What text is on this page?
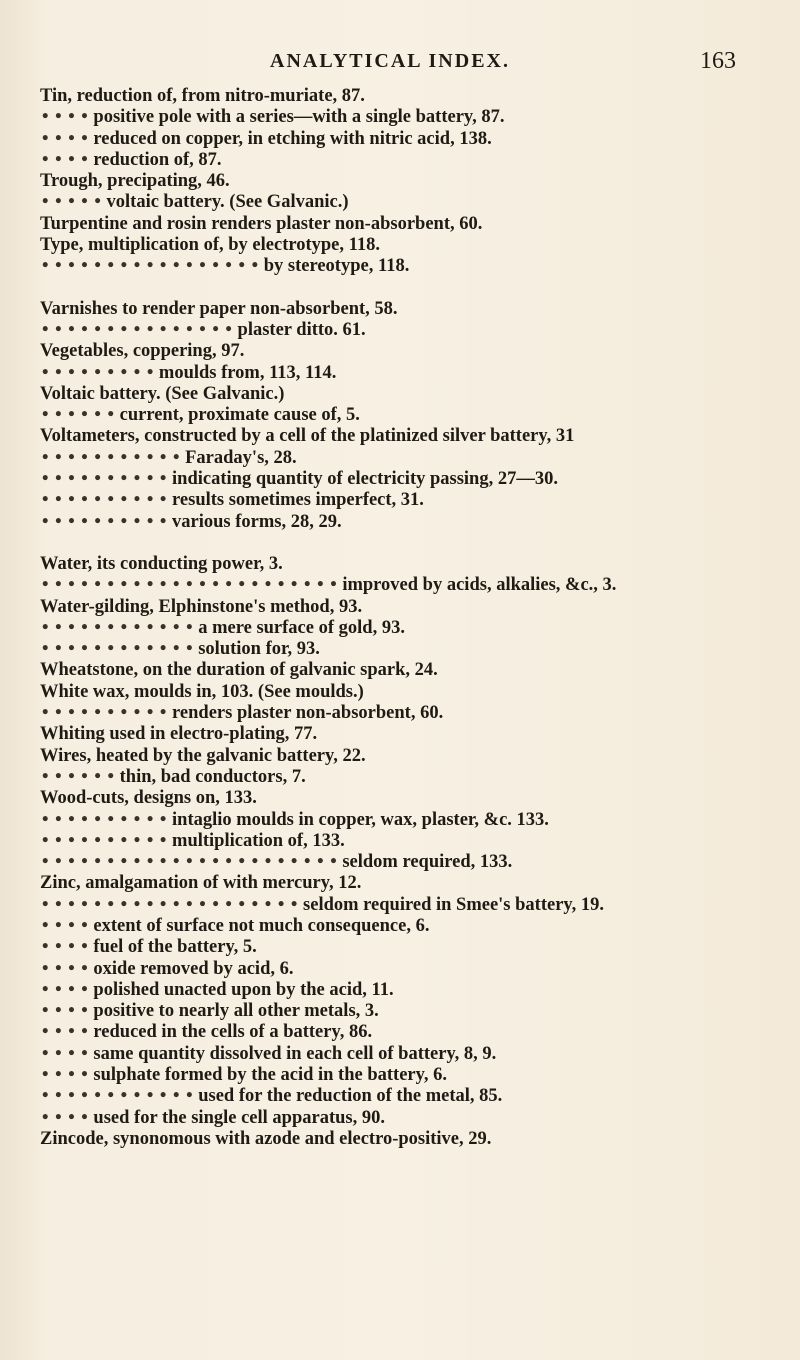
ANALYTICAL INDEX.	163
Tin, reduction of, from nitro-muriate, 87.
• • • • positive pole with a series—with a single battery, 87.
• • • • reduced on copper, in etching with nitric acid, 138.
• • • • reduction of, 87.
Trough, precipating, 46.
• • • • • voltaic battery. (See Galvanic.)
Turpentine and rosin renders plaster non-absorbent, 60.
Type, multiplication of, by electrotype, 118.
• • • • • • • • • • • • • • • • • by stereotype, 118.
Varnishes to render paper non-absorbent, 58.
• • • • • • • • • • • • • • • plaster ditto. 61.
Vegetables, coppering, 97.
• • • • • • • • • moulds from, 113, 114.
Voltaic battery. (See Galvanic.)
• • • • • • current, proximate cause of, 5.
Voltameters, constructed by a cell of the platinized silver battery, 31
• • • • • • • • • • • Faraday's, 28.
• • • • • • • • • • indicating quantity of electricity passing, 27—30.
• • • • • • • • • • results sometimes imperfect, 31.
• • • • • • • • • • various forms, 28, 29.
Water, its conducting power, 3.
• • • • • • • • • • • • • • • • • • • • • • • improved by acids, alkalies, &c., 3.
Water-gilding, Elphinstone's method, 93.
• • • • • • • • • • • • a mere surface of gold, 93.
• • • • • • • • • • • • solution for, 93.
Wheatstone, on the duration of galvanic spark, 24.
White wax, moulds in, 103. (See moulds.)
• • • • • • • • • • renders plaster non-absorbent, 60.
Whiting used in electro-plating, 77.
Wires, heated by the galvanic battery, 22.
• • • • • • thin, bad conductors, 7.
Wood-cuts, designs on, 133.
• • • • • • • • • • intaglio moulds in copper, wax, plaster, &c. 133.
• • • • • • • • • • multiplication of, 133.
• • • • • • • • • • • • • • • • • • • • • • • seldom required, 133.
Zinc, amalgamation of with mercury, 12.
• • • • • • • • • • • • • • • • • • • • seldom required in Smee's battery, 19.
• • • • extent of surface not much consequence, 6.
• • • • fuel of the battery, 5.
• • • • oxide removed by acid, 6.
• • • • polished unacted upon by the acid, 11.
• • • • positive to nearly all other metals, 3.
• • • • reduced in the cells of a battery, 86.
• • • • same quantity dissolved in each cell of battery, 8, 9.
• • • • sulphate formed by the acid in the battery, 6.
• • • • • • • • • • • • used for the reduction of the metal, 85.
• • • • used for the single cell apparatus, 90.
Zincode, synonomous with azode and electro-positive, 29.
